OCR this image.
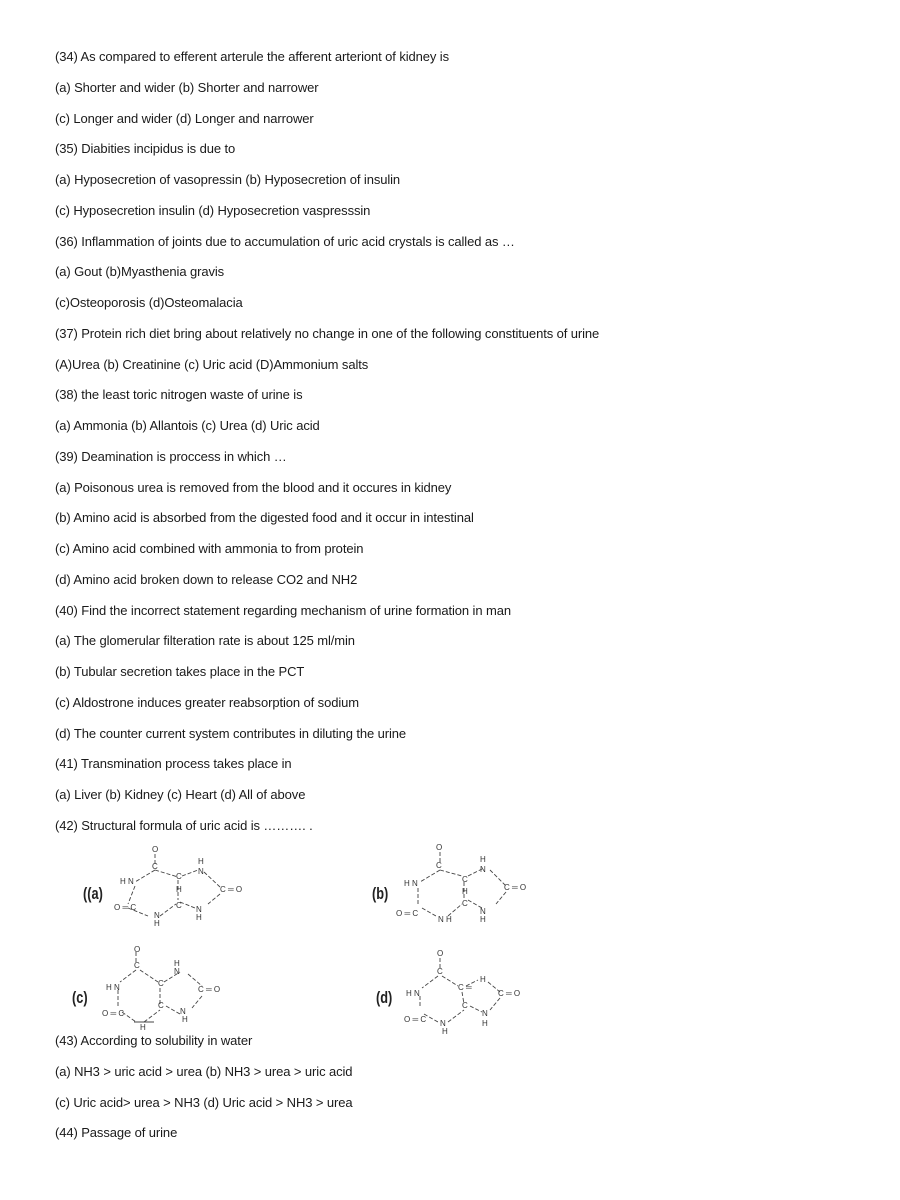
(34) As compared to efferent arterule the afferent arteriont of kidney is
(a) Shorter and wider (b) Shorter and narrower
(c) Longer and wider (d) Longer and narrower
(35) Diabities incipidus is due to
(a) Hyposecretion of vasopressin (b) Hyposecretion of insulin
(c) Hyposecretion insulin (d) Hyposecretion vaspresssin
(36) Inflammation of joints due to accumulation of uric acid crystals is called as …
(a) Gout (b)Myasthenia gravis
(c)Osteoporosis (d)Osteomalacia
(37) Protein rich diet bring about relatively no change in one of the following constituents of urine
(A)Urea (b) Creatinine (c) Uric acid (D)Ammonium salts
(38) the least toric nitrogen waste of urine is
(a) Ammonia (b) Allantois (c) Urea (d) Uric acid
(39) Deamination is proccess in which …
(a) Poisonous urea is removed from the blood and it occures in kidney
(b) Amino acid is absorbed from the digested food and it occur in intestinal
(c) Amino acid combined with ammonia to from protein
(d) Amino acid broken down to release CO2 and NH2
(40) Find the incorrect statement regarding mechanism of urine formation in man
(a) The glomerular filteration rate is about 125 ml/min
(b) Tubular secretion takes place in the PCT
(c) Aldostrone induces greater reabsorption of sodium
(d) The counter current system contributes in diluting the urine
(41) Transmination process takes place in
(a) Liver (b) Kidney (c) Heart (d) All of above
(42) Structural formula of uric acid is ………. .
(43) According to solubility in water
(a) NH3 > uric acid > urea (b) NH3 > urea > uric acid
(c) Uric acid> urea > NH3 (d) Uric acid > NH3 > urea
(44) Passage of urine
((a)
O
C
H N
C
H
H
N
C ═ O
O ═ C
N
H
C N
H
(b)
O
C
H N	C
H
H
N
C ═ O
O ═ C
N H
C
N
H
(c)
O
C
H N	C
H
N
C ═ O
O ═ C
H
C
N
H
(d)
O
C
H N
C ═
H
C ═ O
O ═ C N
H
C
N
H
